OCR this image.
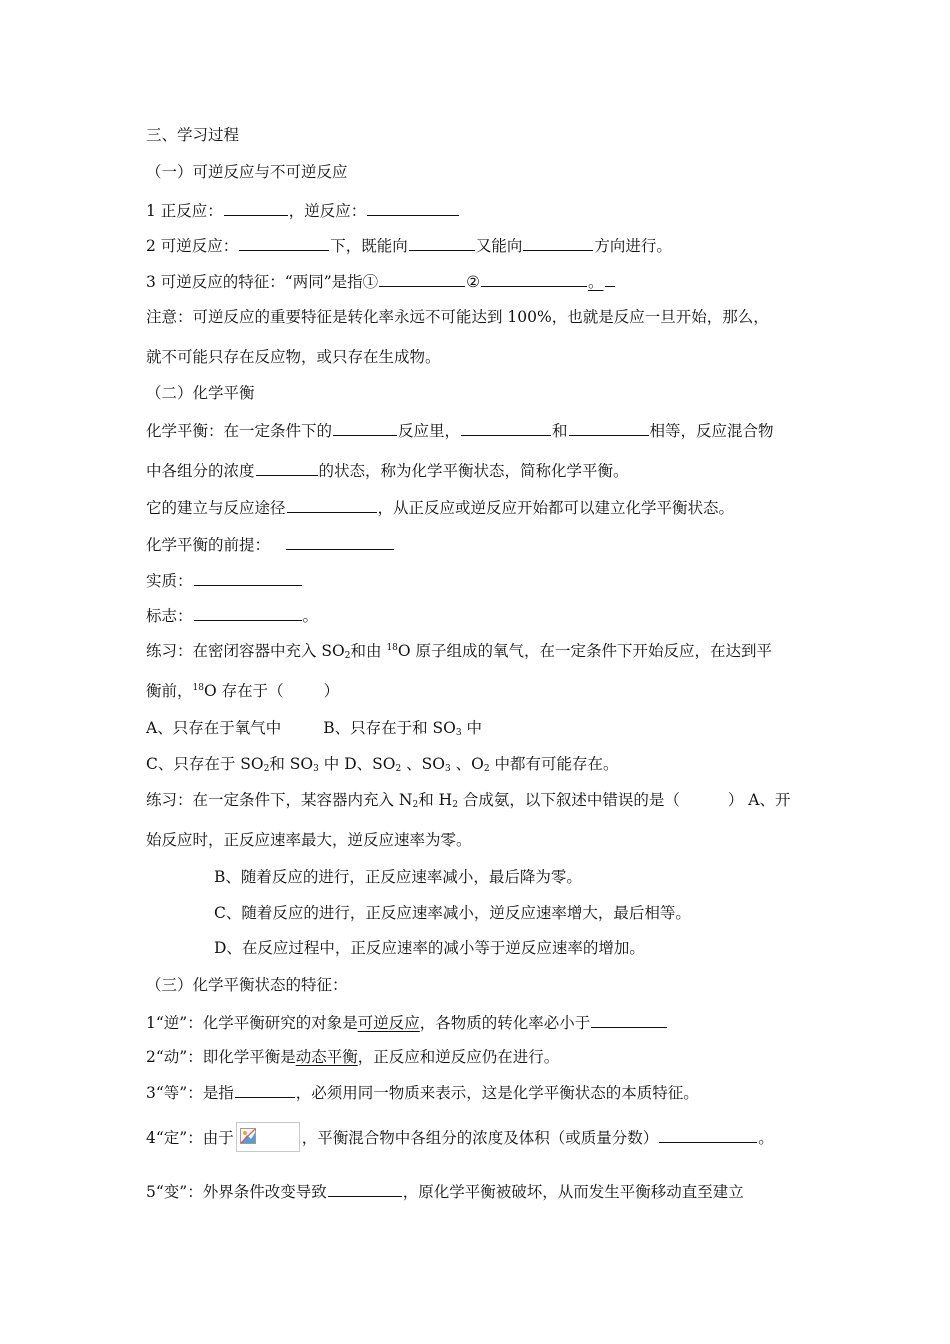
三、学习过程
（一）可逆反应与不可逆反应
1 正反应：	，逆反应：
2 可逆反应：	下，既能向	又能向	方向进行。
3 可逆反应的特征：“两同”是指①	②	。
注意：可逆反应的重要特征是转化率永远不可能达到 100%，也就是反应一旦开始，那么，
就不可能只存在反应物，或只存在生成物。
（二）化学平衡
化学平衡：在一定条件下的	反应里，	和	相等，反应混合物
中各组分的浓度	的状态，称为化学平衡状态，简称化学平衡。
它的建立与反应途径	，从正反应或逆反应开始都可以建立化学平衡状态。
化学平衡的前提：
实质：
标志：	。
练习：在密闭容器中充入 $SO_2$和由 $^{18}$O 原子组成的氧气，在一定条件下开始反应，在达到平
衡前，$^{18}$O 存在于（	）
A、只存在于氧气中	B、只存在于和 $SO_3$ 中
C、只存在于 $SO_2$和 $SO_3$ 中 D、$SO_2$ 、$SO_3$ 、$O_2$ 中都有可能存在。
练习：在一定条件下，某容器内充入 $N_2$和 $H_2$ 合成氨，以下叙述中错误的是（	） A、开
始反应时，正反应速率最大，逆反应速率为零。
B、随着反应的进行，正反应速率减小，最后降为零。
C、随着反应的进行，正反应速率减小，逆反应速率增大，最后相等。
D、在反应过程中，正反应速率的减小等于逆反应速率的增加。
（三）化学平衡状态的特征：
1“逆”：化学平衡研究的对象是可逆反应，各物质的转化率必小于
2“动”：即化学平衡是动态平衡，正反应和逆反应仍在进行。
3“等”：是指	，必须用同一物质来表示，这是化学平衡状态的本质特征。
4“定”：由于	，平衡混合物中各组分的浓度及体积（或质量分数）	。
5“变”：外界条件改变导致	，原化学平衡被破坏，从而发生平衡移动直至建立
